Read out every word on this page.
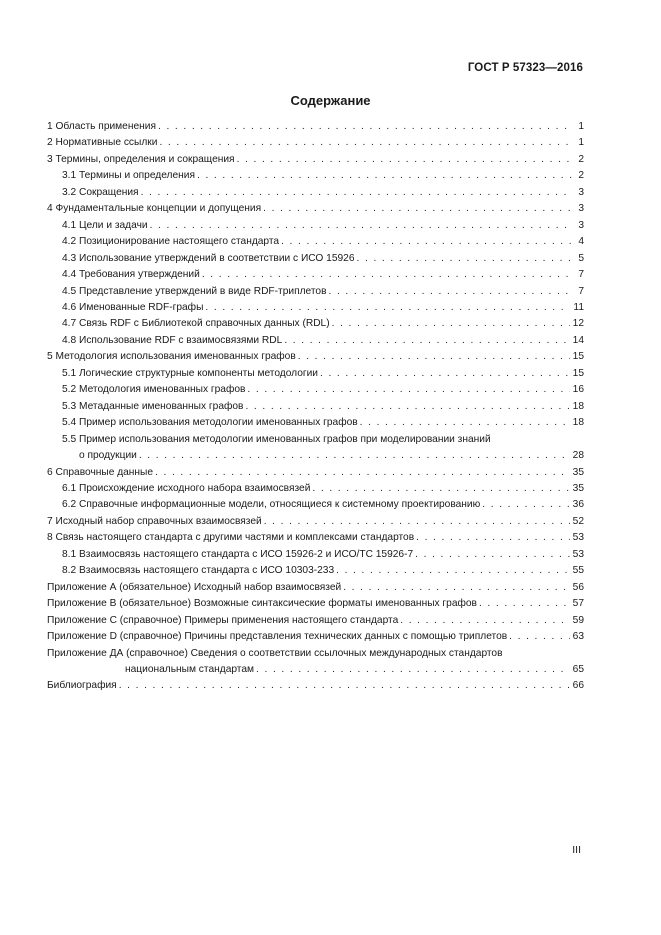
ГОСТ Р 57323—2016
Содержание
1 Область применения . . .	1
2 Нормативные ссылки . . .	1
3 Термины, определения и сокращения . . .	2
3.1 Термины и определения . . .	2
3.2 Сокращения . . .	3
4 Фундаментальные концепции и допущения . . .	3
4.1 Цели и задачи . . .	3
4.2 Позиционирование настоящего стандарта . . .	4
4.3 Использование утверждений в соответствии с ИСО 15926 . . .	5
4.4 Требования утверждений . . .	7
4.5 Представление утверждений в виде RDF-триплетов . . .	7
4.6 Именованные RDF-графы . . .	11
4.7 Связь RDF с Библиотекой справочных данных (RDL) . . .	12
4.8 Использование RDF с взаимосвязями RDL . . .	14
5 Методология использования именованных графов . . .	15
5.1 Логические структурные компоненты методологии . . .	15
5.2 Методология именованных графов . . .	16
5.3 Метаданные именованных графов . . .	18
5.4 Пример использования методологии именованных графов . . .	18
5.5 Пример использования методологии именованных графов при моделировании знаний
о продукции . . .	28
6 Справочные данные . . .	35
6.1 Происхождение исходного набора взаимосвязей . . .	35
6.2 Справочные информационные модели, относящиеся к системному проектированию . . .	36
7 Исходный набор справочных взаимосвязей . . .	52
8 Связь настоящего стандарта с другими частями и комплексами стандартов . . .	53
8.1 Взаимосвязь настоящего стандарта с ИСО 15926-2 и ИСО/ТС 15926-7 . . .	53
8.2 Взаимосвязь настоящего стандарта с ИСО 10303-233 . . .	55
Приложение А (обязательное) Исходный набор взаимосвязей . . .	56
Приложение В (обязательное) Возможные синтаксические форматы именованных графов . . .	57
Приложение С (справочное) Примеры применения настоящего стандарта . . .	59
Приложение D (справочное) Причины представления технических данных с помощью триплетов . . .	63
Приложение ДА (справочное) Сведения о соответствии ссылочных международных стандартов
национальным стандартам . . .	65
Библиография . . .	66
III
